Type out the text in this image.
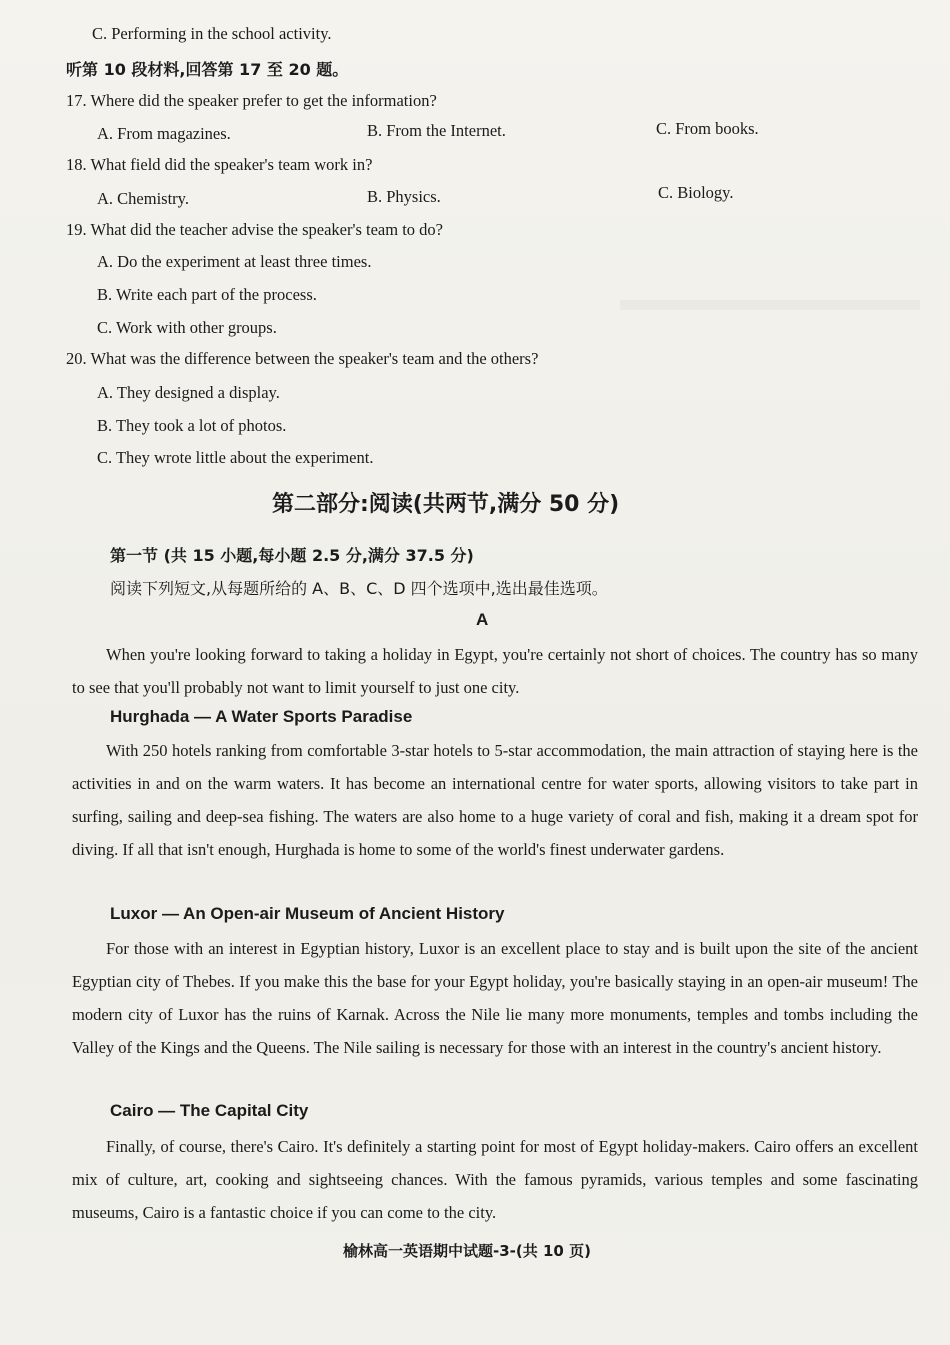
C. Performing in the school activity.
听第 10 段材料,回答第 17 至 20 题。
17. Where did the speaker prefer to get the information?
A. From magazines.	B. From the Internet.	C. From books.
18. What field did the speaker's team work in?
A. Chemistry.	B. Physics.	C. Biology.
19. What did the teacher advise the speaker's team to do?
A. Do the experiment at least three times.
B. Write each part of the process.
C. Work with other groups.
20. What was the difference between the speaker's team and the others?
A. They designed a display.
B. They took a lot of photos.
C. They wrote little about the experiment.
第二部分:阅读(共两节,满分 50 分)
第一节 (共 15 小题,每小题 2.5 分,满分 37.5 分)
阅读下列短文,从每题所给的 A、B、C、D 四个选项中,选出最佳选项。
A

When you're looking forward to taking a holiday in Egypt, you're certainly not short of choices. The country has so many to see that you'll probably not want to limit yourself to just one city.

Hurghada — A Water Sports Paradise

With 250 hotels ranking from comfortable 3-star hotels to 5-star accommodation, the main attraction of staying here is the activities in and on the warm waters. It has become an international centre for water sports, allowing visitors to take part in surfing, sailing and deep-sea fishing. The waters are also home to a huge variety of coral and fish, making it a dream spot for diving. If all that isn't enough, Hurghada is home to some of the world's finest underwater gardens.

Luxor — An Open-air Museum of Ancient History

For those with an interest in Egyptian history, Luxor is an excellent place to stay and is built upon the site of the ancient Egyptian city of Thebes. If you make this the base for your Egypt holiday, you're basically staying in an open-air museum! The modern city of Luxor has the ruins of Karnak. Across the Nile lie many more monuments, temples and tombs including the Valley of the Kings and the Queens. The Nile sailing is necessary for those with an interest in the country's ancient history.

Cairo — The Capital City

Finally, of course, there's Cairo. It's definitely a starting point for most of Egypt holiday-makers. Cairo offers an excellent mix of culture, art, cooking and sightseeing chances. With the famous pyramids, various temples and some fascinating museums, Cairo is a fantastic choice if you can come to the city.

榆林高一英语期中试题-3-(共 10 页)
